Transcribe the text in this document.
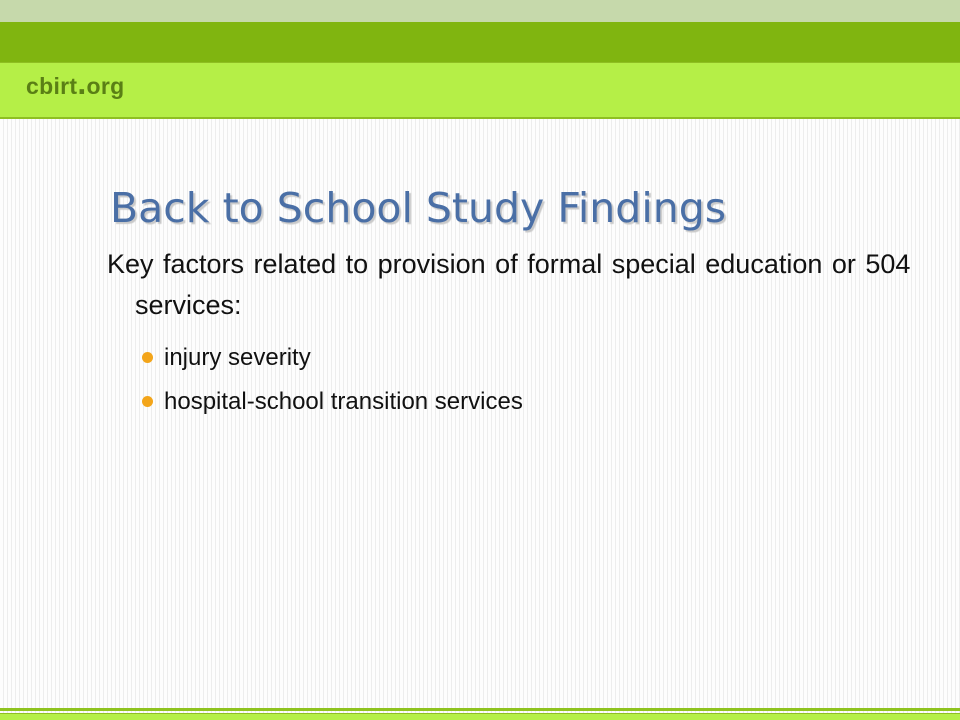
cbirt.org
Back to School Study Findings

Key factors related to provision of formal special education or 504 services:

injury severity
hospital-school transition services
